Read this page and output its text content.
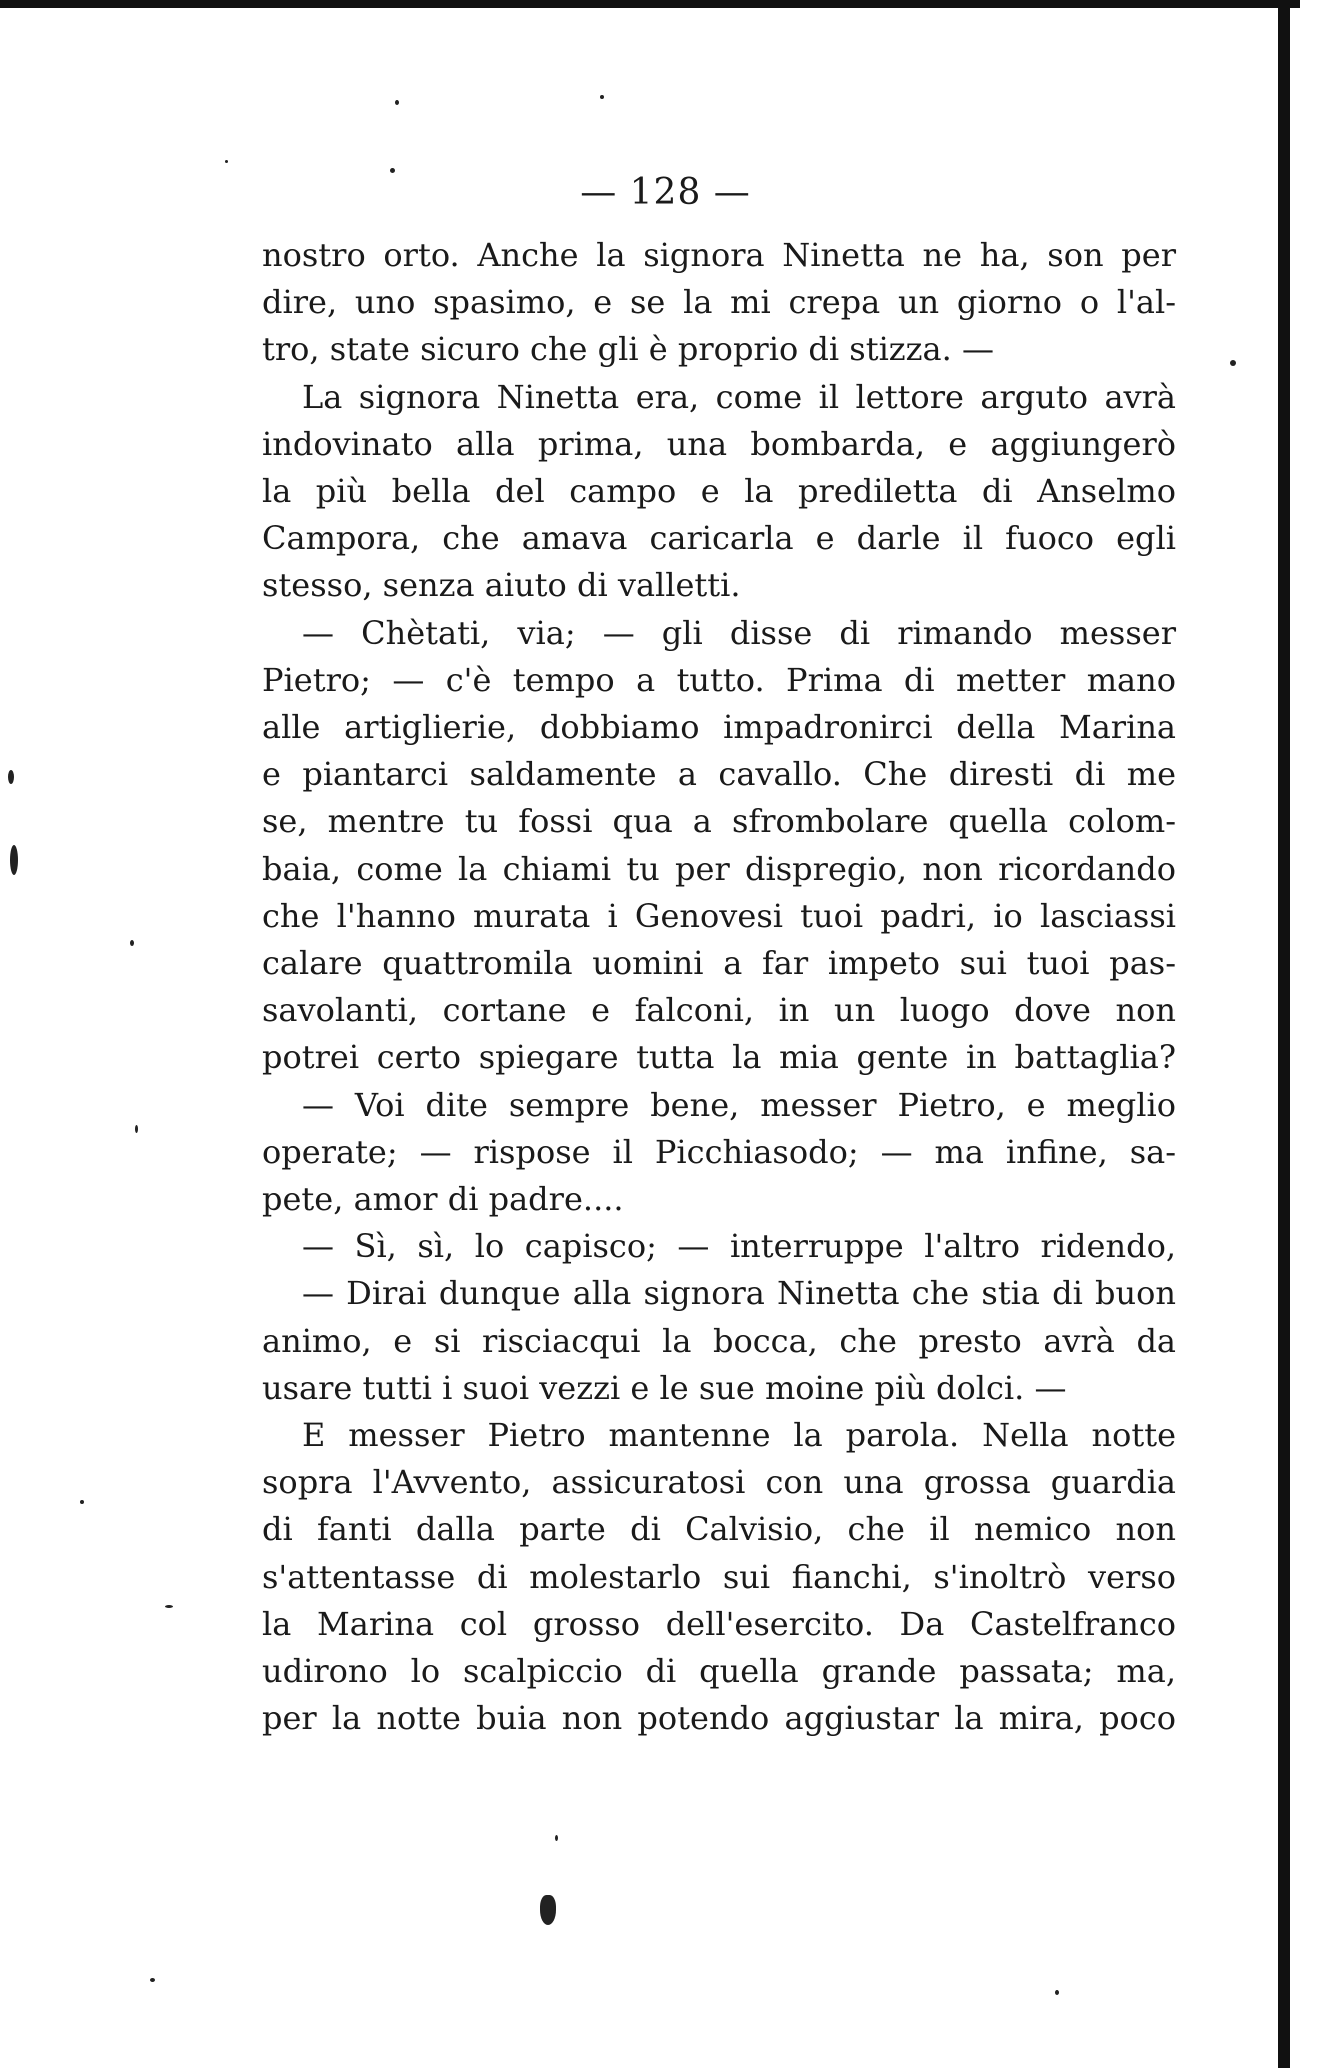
— 128 —
nostro orto. Anche la signora Ninetta ne ha, son per
dire, uno spasimo, e se la mi crepa un giorno o l'al-
tro, state sicuro che gli è proprio di stizza. —
La signora Ninetta era, come il lettore arguto avrà
indovinato alla prima, una bombarda, e aggiungerò
la più bella del campo e la prediletta di Anselmo
Campora, che amava caricarla e darle il fuoco egli
stesso, senza aiuto di valletti.
— Chètati, via; — gli disse di rimando messer
Pietro; — c'è tempo a tutto. Prima di metter mano
alle artiglierie, dobbiamo impadronirci della Marina
e piantarci saldamente a cavallo. Che diresti di me
se, mentre tu fossi qua a sfrombolare quella colom-
baia, come la chiami tu per dispregio, non ricordando
che l'hanno murata i Genovesi tuoi padri, io lasciassi
calare quattromila uomini a far impeto sui tuoi pas-
savolanti, cortane e falconi, in un luogo dove non
potrei certo spiegare tutta la mia gente in battaglia?
— Voi dite sempre bene, messer Pietro, e meglio
operate; — rispose il Picchiasodo; — ma infine, sa-
pete, amor di padre....
— Sì, sì, lo capisco; — interruppe l'altro ridendo,
— Dirai dunque alla signora Ninetta che stia di buon
animo, e si risciacqui la bocca, che presto avrà da
usare tutti i suoi vezzi e le sue moine più dolci. —
E messer Pietro mantenne la parola. Nella notte
sopra l'Avvento, assicuratosi con una grossa guardia
di fanti dalla parte di Calvisio, che il nemico non
s'attentasse di molestarlo sui fianchi, s'inoltrò verso
la Marina col grosso dell'esercito. Da Castelfranco
udirono lo scalpiccio di quella grande passata; ma,
per la notte buia non potendo aggiustar la mira, poco
